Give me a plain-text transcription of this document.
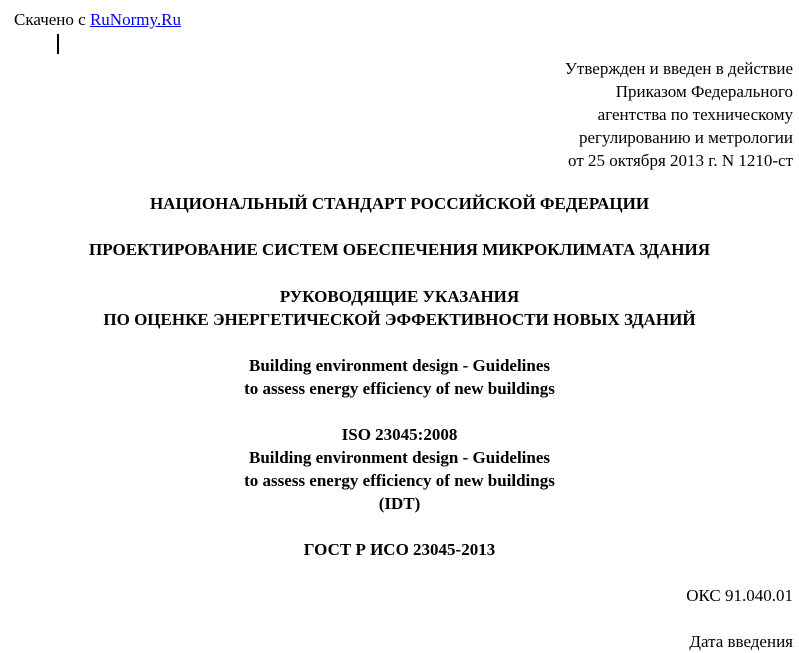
Скачено с RuNormy.Ru
Утвержден и введен в действие
Приказом Федерального
агентства по техническому
регулированию и метрологии
от 25 октября 2013 г. N 1210-ст
НАЦИОНАЛЬНЫЙ СТАНДАРТ РОССИЙСКОЙ ФЕДЕРАЦИИ
ПРОЕКТИРОВАНИЕ СИСТЕМ ОБЕСПЕЧЕНИЯ МИКРОКЛИМАТА ЗДАНИЯ
РУКОВОДЯЩИЕ УКАЗАНИЯ
ПО ОЦЕНКЕ ЭНЕРГЕТИЧЕСКОЙ ЭФФЕКТИВНОСТИ НОВЫХ ЗДАНИЙ
Building environment design - Guidelines
to assess energy efficiency of new buildings
ISO 23045:2008
Building environment design - Guidelines
to assess energy efficiency of new buildings
(IDT)
ГОСТ Р ИСО 23045-2013
ОКС 91.040.01
Дата введения
